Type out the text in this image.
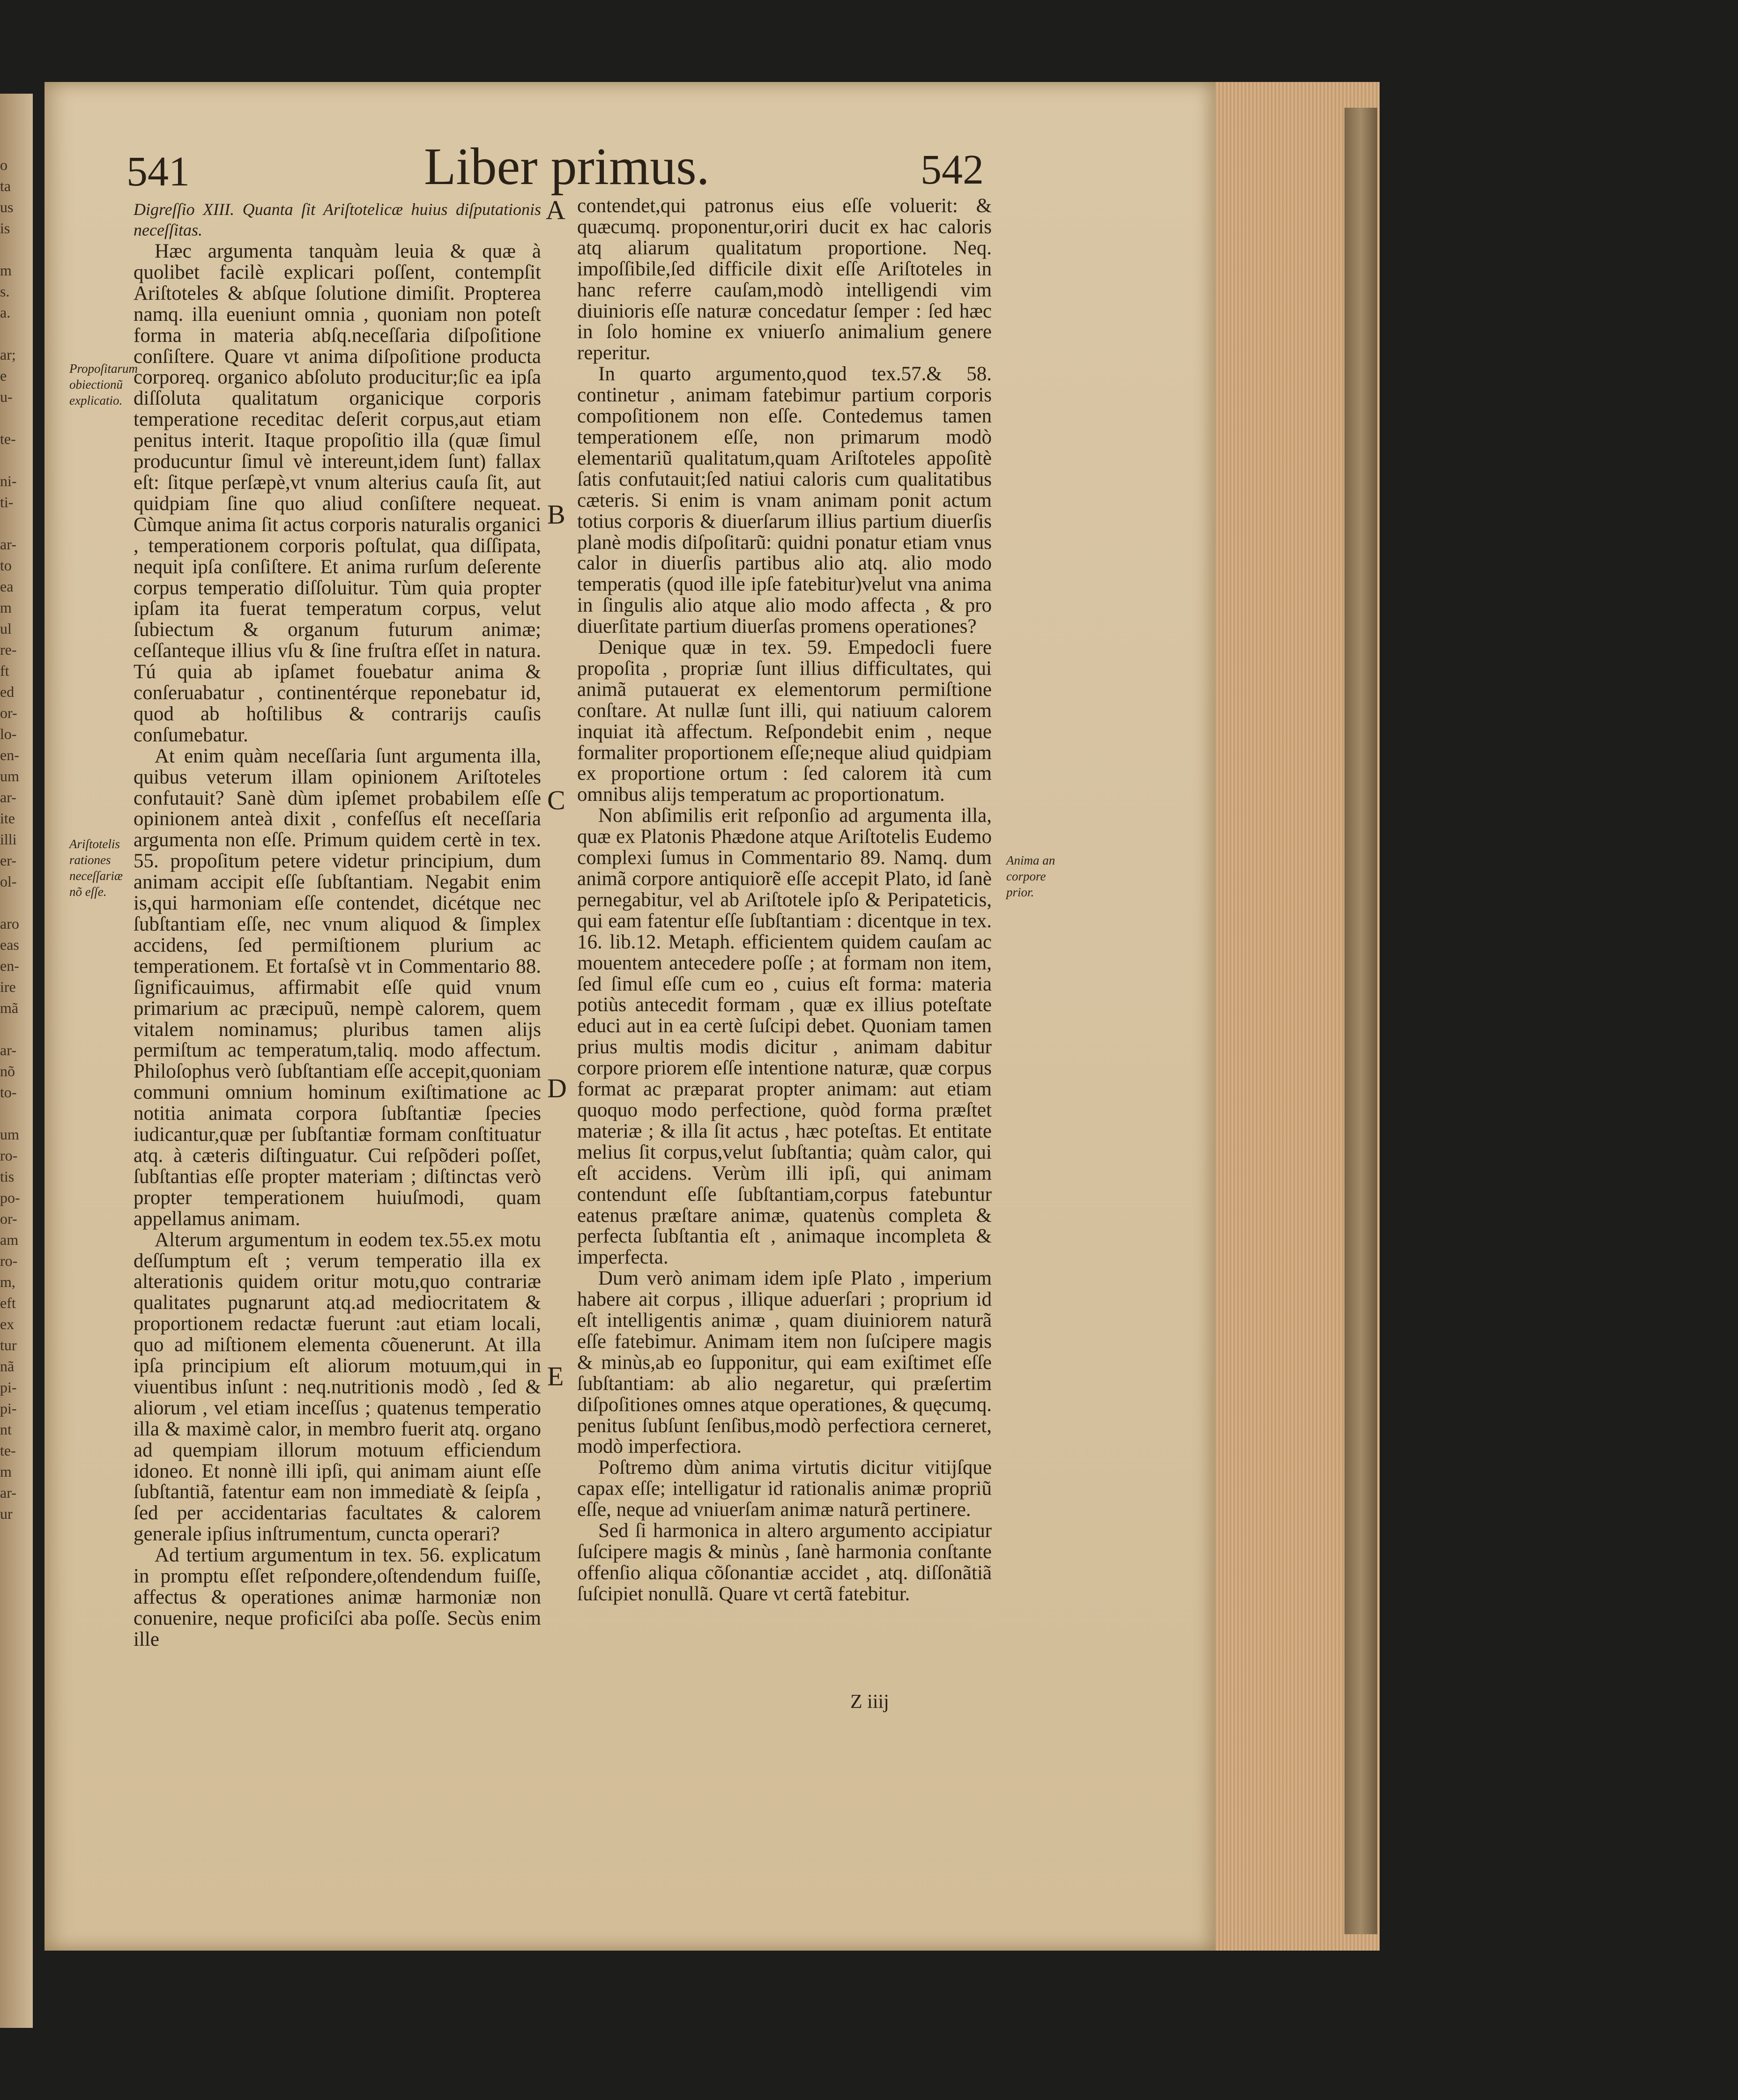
o
ta
us
is

m
s.
a.

ar;
e
u-

te-

ni-
ti-

ar-
to
ea
m
ul
re-
ft
ed
or-
lo-
en-
um
ar-
ite
illi
er-
ol-

aro
eas
en-
ire
mã

ar-
nõ
to-

um
ro-
tis
po-
or-
am
ro-
m,
eft
ex
tur
nã
pi-
pi-
nt
te-
m
ar-
ur
541	Liber primus.	542

Digreſſio XIII. Quanta ſit Ariſtotelicæ huius diſputationis neceſſitas.

Hæc argumenta tanquàm leuia & quæ à quolibet facilè explicari poſſent, contempſit Ariſtoteles & abſque ſolutione dimiſit. Propterea namq. illa eueniunt omnia , quoniam non poteſt forma in materia abſq.neceſſaria diſpoſitione conſiſtere. Quare vt anima diſpoſitione producta corporeq. organico abſoluto producitur;ſic ea ipſa diſſoluta qualitatum organicique corporis temperatione receditac deſerit corpus,aut etiam penitus interit. Itaque propoſitio illa (quæ ſimul producuntur ſimul vè intereunt,idem ſunt) fallax eſt: ſitque perſæpè,vt vnum alterius cauſa ſit, aut quidpiam ſine quo aliud conſiſtere nequeat. Cùmque anima ſit actus corporis naturalis organici , temperationem corporis poſtulat, qua diſſipata, nequit ipſa conſiſtere. Et anima rurſum deſerente corpus temperatio diſſoluitur. Tùm quia propter ipſam ita fuerat temperatum corpus, velut ſubiectum & organum futurum animæ; ceſſanteque illius vſu & ſine fruſtra eſſet in natura. Tú quia ab ipſamet fouebatur anima & conſeruabatur , continentérque reponebatur id, quod ab hoſtilibus & contrarijs cauſis conſumebatur.

At enim quàm neceſſaria ſunt argumenta illa, quibus veterum illam opinionem Ariſtoteles confutauit? Sanè dùm ipſemet probabilem eſſe opinionem anteà dixit , confeſſus eſt neceſſaria argumenta non eſſe. Primum quidem certè in tex. 55. propoſitum petere videtur principium, dum animam accipit eſſe ſubſtantiam. Negabit enim is,qui harmoniam eſſe contendet, dicétque nec ſubſtantiam eſſe, nec vnum aliquod & ſimplex accidens, ſed permiſtionem plurium ac temperationem. Et fortaſsè vt in Commentario 88. ſignificauimus, affirmabit eſſe quid vnum primarium ac præcipuũ, nempè calorem, quem vitalem nominamus; pluribus tamen alijs permiſtum ac temperatum,taliq. modo affectum. Philoſophus verò ſubſtantiam eſſe accepit,quoniam communi omnium hominum exiſtimatione ac notitia animata corpora ſubſtantiæ ſpecies iudicantur,quæ per ſubſtantiæ formam conſtituatur atq. à cæteris diſtinguatur. Cui reſpõderi poſſet, ſubſtantias eſſe propter materiam ; diſtinctas verò propter temperationem huiuſmodi, quam appellamus animam.

Alterum argumentum in eodem tex.55.ex motu deſſumptum eſt ; verum temperatio illa ex alterationis quidem oritur motu,quo contrariæ qualitates pugnarunt atq.ad mediocritatem & proportionem redactæ fuerunt :aut etiam locali, quo ad miſtionem elementa cõuenerunt. At illa ipſa principium eſt aliorum motuum,qui in viuentibus inſunt : neq.nutritionis modò , ſed & aliorum , vel etiam inceſſus ; quatenus temperatio illa & maximè calor, in membro fuerit atq. organo ad quempiam illorum motuum efficiendum idoneo. Et nonnè illi ipſi, qui animam aiunt eſſe ſubſtantiã, fatentur eam non immediatè & ſeipſa , ſed per accidentarias facultates & calorem generale ipſius inſtrumentum, cuncta operari?

Ad tertium argumentum in tex. 56. explicatum in promptu eſſet reſpondere,oſtendendum fuiſſe, affectus & operationes animæ harmoniæ non conuenire, neque proficiſci aba poſſe. Secùs enim ille

A
B
C
D
E

contendet,qui patronus eius eſſe voluerit: & quæcumq. proponentur,oriri ducit ex hac caloris atq aliarum qualitatum proportione. Neq. impoſſibile,ſed difficile dixit eſſe Ariſtoteles in hanc referre cauſam,modò intelligendi vim diuinioris eſſe naturæ concedatur ſemper : ſed hæc in ſolo homine ex vniuerſo animalium genere reperitur.

In quarto argumento,quod tex.57.& 58. continetur , animam fatebimur partium corporis compoſitionem non eſſe. Contedemus tamen temperationem eſſe, non primarum modò elementariũ qualitatum,quam Ariſtoteles appoſitè ſatis confutauit;ſed natiui caloris cum qualitatibus cæteris. Si enim is vnam animam ponit actum totius corporis & diuerſarum illius partium diuerſis planè modis diſpoſitarũ: quidni ponatur etiam vnus calor in diuerſis partibus alio atq. alio modo temperatis (quod ille ipſe fatebitur)velut vna anima in ſingulis alio atque alio modo affecta , & pro diuerſitate partium diuerſas promens operationes?

Denique quæ in tex. 59. Empedocli fuere propoſita , propriæ ſunt illius difficultates, qui animã putauerat ex elementorum permiſtione conſtare. At nullæ ſunt illi, qui natiuum calorem inquiat ità affectum. Reſpondebit enim , neque formaliter proportionem eſſe;neque aliud quidpiam ex proportione ortum : ſed calorem ità cum omnibus alijs temperatum ac proportionatum.

Non abſimilis erit reſponſio ad argumenta illa, quæ ex Platonis Phædone atque Ariſtotelis Eudemo complexi ſumus in Commentario 89. Namq. dum animã corpore antiquiorẽ eſſe accepit Plato, id ſanè pernegabitur, vel ab Ariſtotele ipſo & Peripateticis, qui eam fatentur eſſe ſubſtantiam : dicentque in tex. 16. lib.12. Metaph. efficientem quidem cauſam ac mouentem antecedere poſſe ; at formam non item, ſed ſimul eſſe cum eo , cuius eſt forma: materia potiùs antecedit formam , quæ ex illius poteſtate educi aut in ea certè ſuſcipi debet. Quoniam tamen prius multis modis dicitur , animam dabitur corpore priorem eſſe intentione naturæ, quæ corpus format ac præparat propter animam: aut etiam quoquo modo perfectione, quòd forma præſtet materiæ ; & illa ſit actus , hæc poteſtas. Et entitate melius ſit corpus,velut ſubſtantia; quàm calor, qui eſt accidens. Verùm illi ipſi, qui animam contendunt eſſe ſubſtantiam,corpus fatebuntur eatenus præſtare animæ, quatenùs completa & perfecta ſubſtantia eſt , animaque incompleta & imperfecta.

Dum verò animam idem ipſe Plato , imperium habere ait corpus , illique aduerſari ; proprium id eſt intelligentis animæ , quam diuiniorem naturã eſſe fatebimur. Animam item non ſuſcipere magis & minùs,ab eo ſupponitur, qui eam exiſtimet eſſe ſubſtantiam: ab alio negaretur, qui præſertim diſpoſitiones omnes atque operationes, & quęcumq. penitus ſubſunt ſenſibus,modò perfectiora cerneret, modò imperfectiora.

Poſtremo dùm anima virtutis dicitur vitijſque capax eſſe; intelligatur id rationalis animæ propriũ eſſe, neque ad vniuerſam animæ naturã pertinere.

Sed ſi harmonica in altero argumento accipiatur ſuſcipere magis & minùs , ſanè harmonia conſtante offenſio aliqua cõſonantiæ accidet , atq. diſſonãtiã ſuſcipiet nonullã. Quare vt certã fatebitur.

Propoſitarum obiectionũ explicatio.
Ariſtotelis rationes neceſſariæ nõ eſſe.
Anima an corpore prior.
Z iiij
